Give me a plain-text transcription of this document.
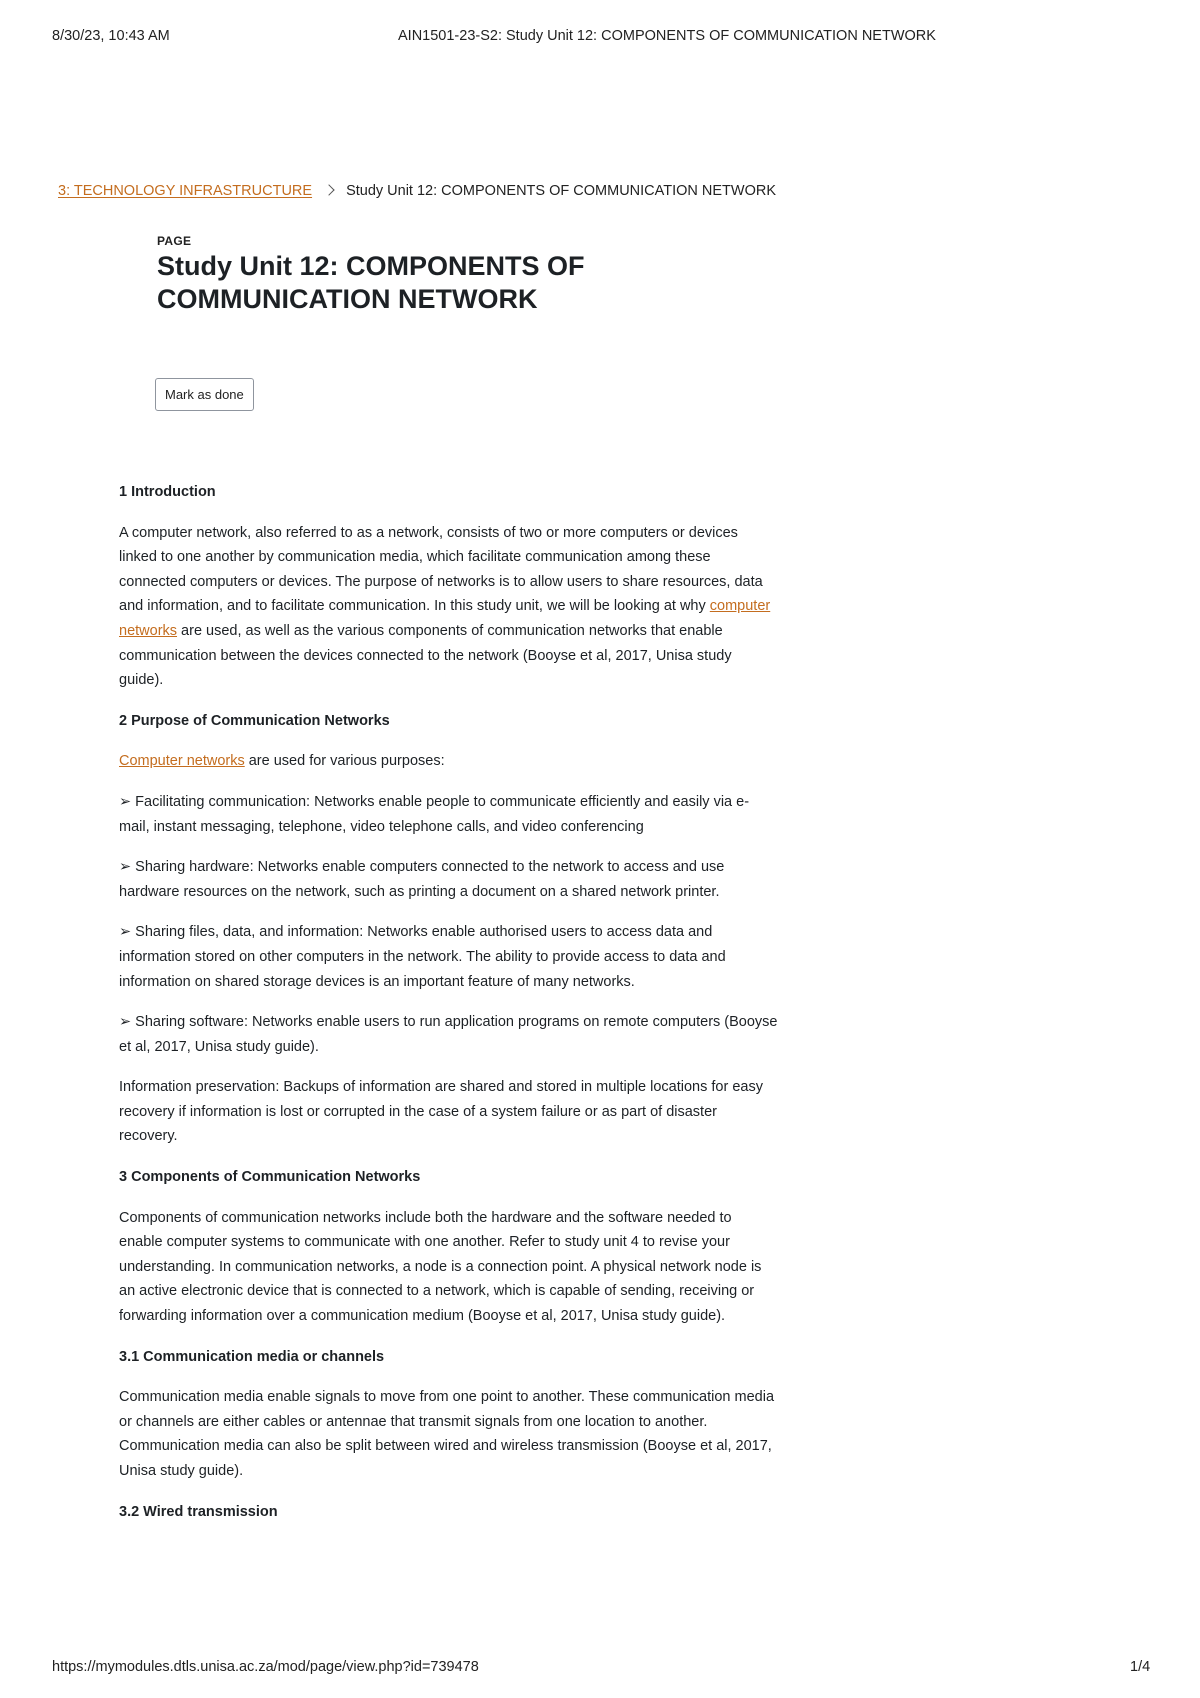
8/30/23, 10:43 AM	AIN1501-23-S2: Study Unit 12: COMPONENTS OF COMMUNICATION NETWORK
3: TECHNOLOGY INFRASTRUCTURE Study Unit 12: COMPONENTS OF COMMUNICATION NETWORK
PAGE
Study Unit 12: COMPONENTS OF COMMUNICATION NETWORK
Mark as done
1 Introduction

A computer network, also referred to as a network, consists of two or more computers or devices linked to one another by communication media, which facilitate communication among these connected computers or devices. The purpose of networks is to allow users to share resources, data and information, and to facilitate communication. In this study unit, we will be looking at why computer networks are used, as well as the various components of communication networks that enable communication between the devices connected to the network (Booyse et al, 2017, Unisa study guide).

2 Purpose of Communication Networks

Computer networks are used for various purposes:

➢ Facilitating communication: Networks enable people to communicate efficiently and easily via e-mail, instant messaging, telephone, video telephone calls, and video conferencing

➢ Sharing hardware: Networks enable computers connected to the network to access and use hardware resources on the network, such as printing a document on a shared network printer.

➢ Sharing files, data, and information: Networks enable authorised users to access data and information stored on other computers in the network. The ability to provide access to data and information on shared storage devices is an important feature of many networks.

➢ Sharing software: Networks enable users to run application programs on remote computers (Booyse et al, 2017, Unisa study guide).

Information preservation: Backups of information are shared and stored in multiple locations for easy recovery if information is lost or corrupted in the case of a system failure or as part of disaster recovery.

3 Components of Communication Networks

Components of communication networks include both the hardware and the software needed to enable computer systems to communicate with one another. Refer to study unit 4 to revise your understanding. In communication networks, a node is a connection point. A physical network node is an active electronic device that is connected to a network, which is capable of sending, receiving or forwarding information over a communication medium (Booyse et al, 2017, Unisa study guide).

3.1 Communication media or channels

Communication media enable signals to move from one point to another. These communication media or channels are either cables or antennae that transmit signals from one location to another. Communication media can also be split between wired and wireless transmission (Booyse et al, 2017, Unisa study guide).

3.2 Wired transmission
https://mymodules.dtls.unisa.ac.za/mod/page/view.php?id=739478	1/4
